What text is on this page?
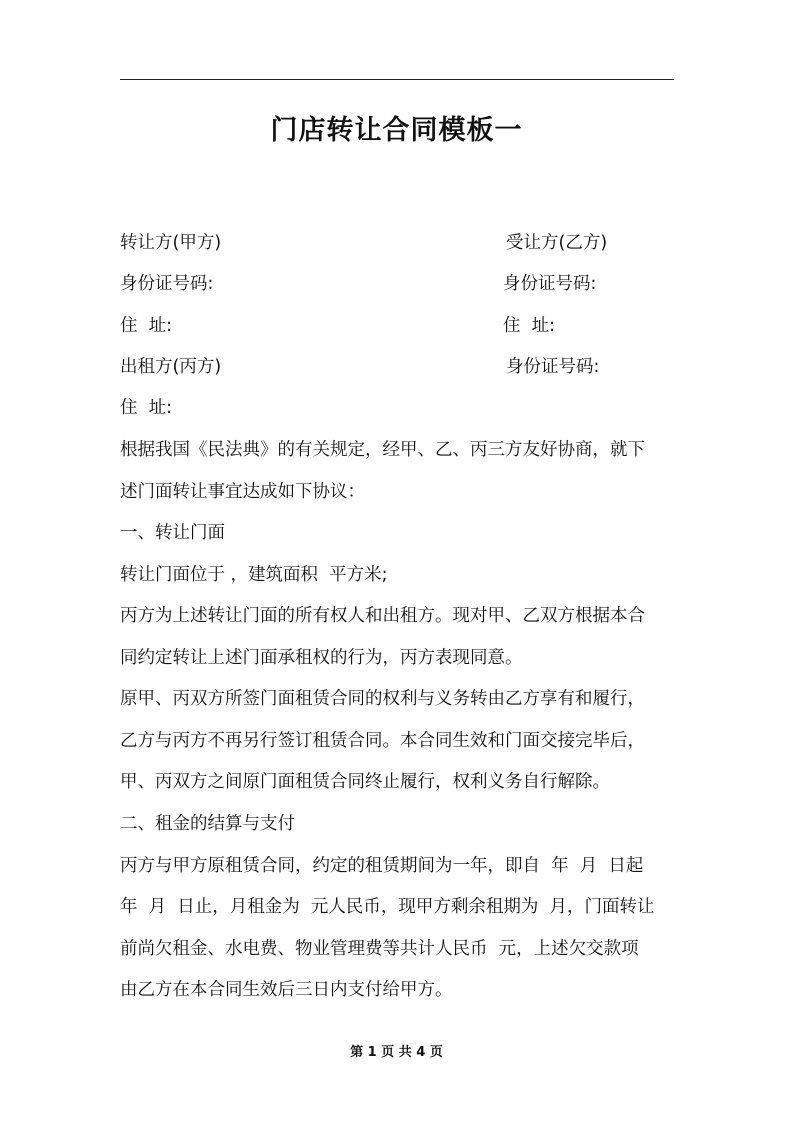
门店转让合同模板一
转让方(甲方)	受让方(乙方)
身份证号码:	身份证号码:
住  址:	住  址:
出租方(丙方)	身份证号码:
住  址:
根据我国《民法典》的有关规定，经甲、乙、丙三方友好协商，就下
述门面转让事宜达成如下协议：
一、转让门面
转让门面位于 ，建筑面积  平方米;
丙方为上述转让门面的所有权人和出租方。现对甲、乙双方根据本合
同约定转让上述门面承租权的行为，丙方表现同意。
原甲、丙双方所签门面租赁合同的权利与义务转由乙方享有和履行，
乙方与丙方不再另行签订租赁合同。本合同生效和门面交接完毕后，
甲、丙双方之间原门面租赁合同终止履行，权利义务自行解除。
二、租金的结算与支付
丙方与甲方原租赁合同，约定的租赁期间为一年，即自  年  月  日起
年  月  日止，月租金为  元人民币，现甲方剩余租期为  月，门面转让
前尚欠租金、水电费、物业管理费等共计人民币  元，上述欠交款项
由乙方在本合同生效后三日内支付给甲方。
第 1 页 共 4 页
